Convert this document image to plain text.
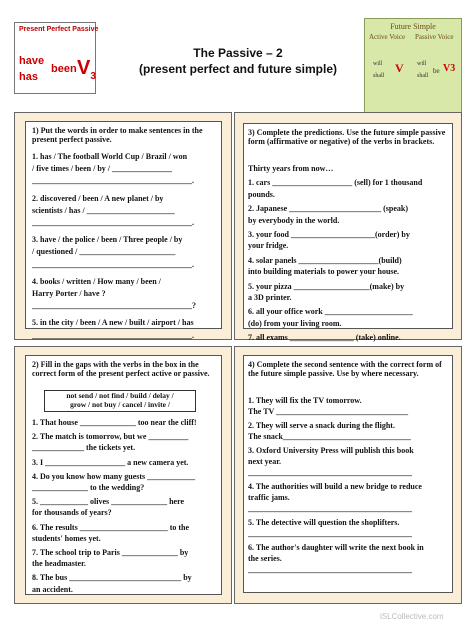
Present Perfect Passive
have
has
been $V_3$
The Passive – 2
(present perfect and future simple)
Future Simple
Active Voice Passive Voice
will
shall
V will
shall
be V3
1) Put the words in order to make sentences in the present perfect passive.
1. has / The football World Cup / Brazil / won
/ five times / been / by / _______________
________________________________________.
2. discovered / been / A new planet / by
scientists / has / ______________________
________________________________________.
3. have / the police / been / Three people / by
/ questioned / ________________________
________________________________________.
4. books / written / How many / been /
Harry Porter / have ?
________________________________________?
5. in the city / been / A new / built / airport / has
________________________________________.
2) Fill in the gaps with the verbs in the box in the correct form of the present perfect active or passive.
not send / not find / build / delay /
grow / not buy / cancel / invite /
1. That house ______________ too near the cliff!
2. The match is tomorrow, but we __________
_____________ the tickets yet.
3. I ____________________ a new camera yet.
4. Do you know how many guests ____________
______________ to the wedding?
5. ____________ olives ______________ here
for thousands of years?
6. The results ______________________ to the
students' homes yet.
7. The school trip to Paris ______________ by
the headmaster.
8. The bus ____________________________ by
an accident.
3) Complete the predictions. Use the future simple passive form (affirmative or negative) of the verbs in brackets.
Thirty years from now…
1. cars ____________________ (sell) for 1 thousand
pounds.
2. Japanese _______________________ (speak)
by everybody in the world.
3. your food _____________________(order) by
your fridge.
4. solar panels ____________________(build)
into building materials to power your house.
5. your pizza ___________________(make) by
a 3D printer.
6. all your office work ______________________
(do) from your living room.
7. all exams ________________ (take) online.
4) Complete the second sentence with the correct form of the future simple passive. Use by where necessary.
1. They will fix the TV tomorrow.
The TV _________________________________
2. They will serve a snack during the flight.
The snack________________________________
3. Oxford University Press will publish this book
next year.
_________________________________________
4. The authorities will build a new bridge to reduce
traffic jams.
_________________________________________
5. The detective will question the shoplifters.
_________________________________________
6. The author's daughter will write the next book in
the series.
_________________________________________
iSLCollective.com
